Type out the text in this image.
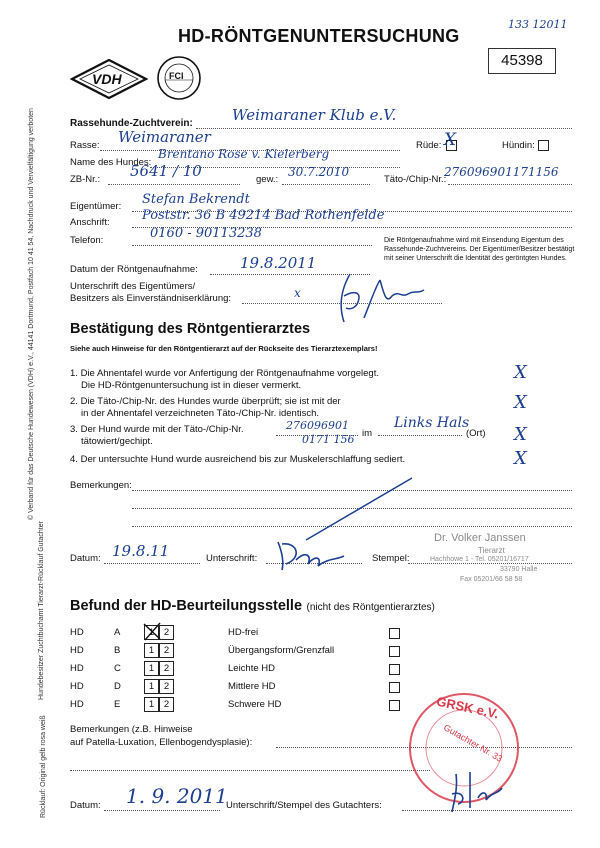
© Verband für das Deutsche Hundewesen (VDH) e.V., 44141 Dortmund, Postfach 10 41 54, Nachdruck und Vervielfältigung verboten
Hundebesitzer Zuchtbuchamt Tierarzt-Rücklauf Gutachter
Rücklauf: Original gelb rosa weiß
HD-RÖNTGENUNTERSUCHUNG
133 12011
45398
VDH	FCI
Rassehunde-Zuchtverein:	Weimaraner Klub e.V.
Rasse: Weimaraner	Rüde: X	Hündin:
Name des Hundes:
Brentano Rose v. Kielerberg
ZB-Nr.: 5641 / 10	gew.:
30.7.2010
Täto-/Chip-Nr.:
276096901171156
Eigentümer: Stefan Bekrendt
Anschrift: Poststr. 36 B 49214 Bad Rothenfelde
Telefon:	0160 - 90113238	Die Röntgenaufnahme wird mit Einsendung Eigentum des Rassehunde-Zuchtvereins. Der Eigentümer/Besitzer bestätigt mit seiner Unterschrift die Identität des geröntgten Hundes.
Datum der Röntgenaufnahme:	19.8.2011
Unterschrift des Eigentümers/
Besitzers als Einverständniserklärung:	x
Bestätigung des Röntgentierarztes
Siehe auch Hinweise für den Röntgentierarzt auf der Rückseite des Tierarztexemplars!
1. Die Ahnentafel wurde vor Anfertigung der Röntgenaufnahme vorgelegt.
Die HD-Röntgenuntersuchung ist in dieser vermerkt.
2. Die Täto-/Chip-Nr. des Hundes wurde überprüft; sie ist mit der
in der Ahnentafel verzeichneten Täto-/Chip-Nr. identisch.
3. Der Hund wurde mit der Täto-/Chip-Nr.
tätowiert/gechipt.
276096901
0171 156 im
Links Hals
(Ort)
4. Der untersuchte Hund wurde ausreichend bis zur Muskelerschlaffung sediert.
X
X
X
X
Bemerkungen:
Datum: 19.8.11	Unterschrift:	Stempel:
Dr. Volker Janssen
Tierarzt
Hachhowe 1 - Tel. 05201/16717
33790 Halle
Fax 05201/66 58 58
Befund der HD-Beurteilungsstelle (nicht des Röntgentierarztes)
HD	A	1	2	HD-frei
HD	B	1	2	Übergangsform/Grenzfall
HD	C	1	2	Leichte HD
HD	D	1	2	Mittlere HD
HD	E	1	2	Schwere HD
Bemerkungen (z.B. Hinweise
auf Patella-Luxation, Ellenbogendysplasie):
GRSK e.V.
Gutachter Nr. 33
Datum: 1. 9. 2011
Unterschrift/Stempel des Gutachters:
